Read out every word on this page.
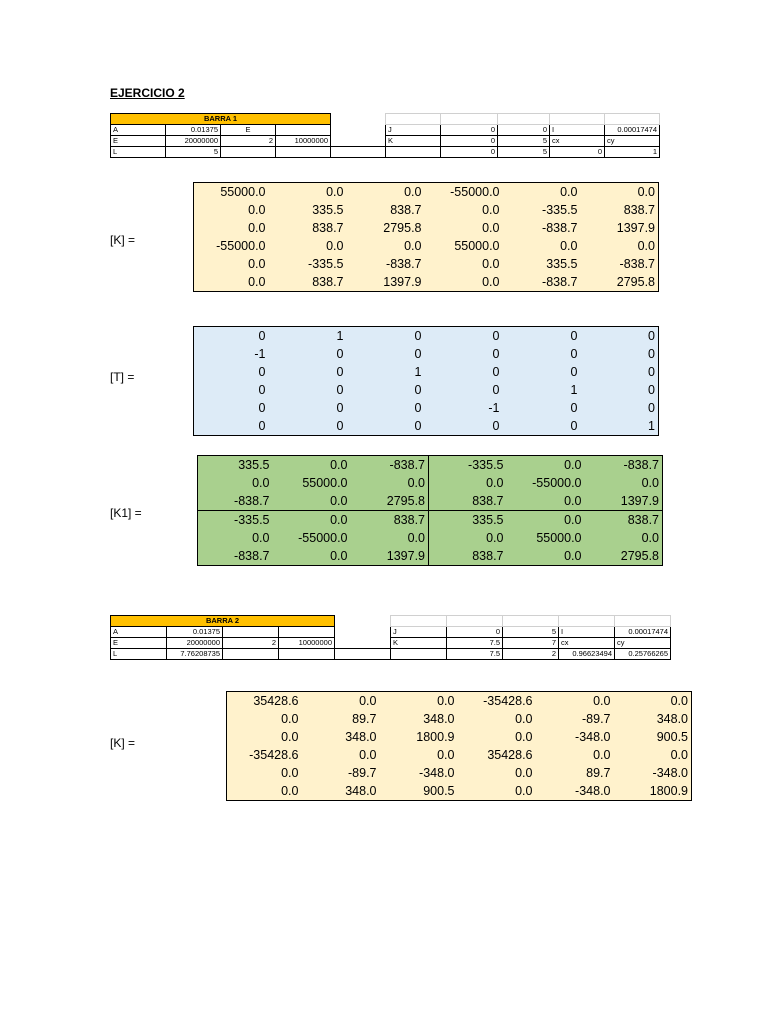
EJERCICIO 2
BARRA 1									
A	0.01375	E			J	0	0	I	0.00017474
E	20000000	2	10000000		K	0	5	cx	cy
L	5					0	5	0	1
BARRA 2									
A	0.01375				J	0	5	I	0.00017474
E	20000000	2	10000000		K	7.5	7	cx	cy
L	7.76208735					7.5	2	0.96623494	0.25766265
[K] =
[T] =
[K1] =
[K] =
55000.0	0.0	0.0	-55000.0	0.0	0.0
0.0	335.5	838.7	0.0	-335.5	838.7
0.0	838.7	2795.8	0.0	-838.7	1397.9
-55000.0	0.0	0.0	55000.0	0.0	0.0
0.0	-335.5	-838.7	0.0	335.5	-838.7
0.0	838.7	1397.9	0.0	-838.7	2795.8
0	1	0	0	0	0
-1	0	0	0	0	0
0	0	1	0	0	0
0	0	0	0	1	0
0	0	0	-1	0	0
0	0	0	0	0	1
335.5	0.0	-838.7	-335.5	0.0	-838.7
0.0	55000.0	0.0	0.0	-55000.0	0.0
-838.7	0.0	2795.8	838.7	0.0	1397.9
-335.5	0.0	838.7	335.5	0.0	838.7
0.0	-55000.0	0.0	0.0	55000.0	0.0
-838.7	0.0	1397.9	838.7	0.0	2795.8
35428.6	0.0	0.0	-35428.6	0.0	0.0
0.0	89.7	348.0	0.0	-89.7	348.0
0.0	348.0	1800.9	0.0	-348.0	900.5
-35428.6	0.0	0.0	35428.6	0.0	0.0
0.0	-89.7	-348.0	0.0	89.7	-348.0
0.0	348.0	900.5	0.0	-348.0	1800.9
